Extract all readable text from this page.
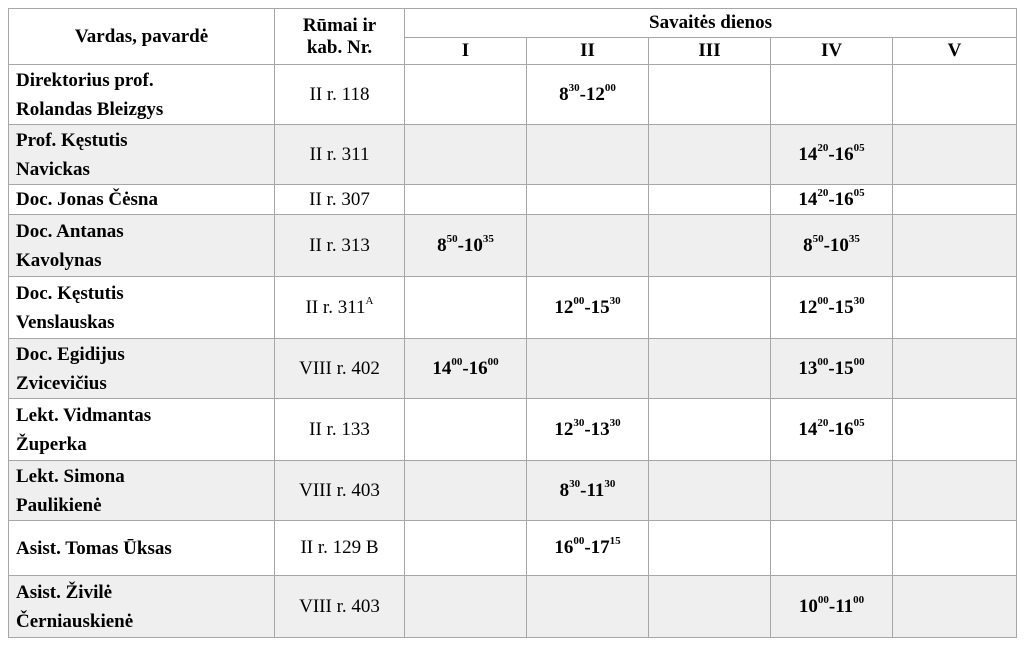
Vardas, pavardė	Rūmai ir
kab. Nr.	Savaitės dienos				
		I	II	III	IV	V

Direktorius prof.
Rolandas Bleizgys	II r. 118		$8^{30}-12^{00}$			

Prof. Kęstutis
Navickas	II r. 311				$14^{20}-16^{05}$	

Doc. Jonas Čėsna	II r. 307				$14^{20}-16^{05}$	

Doc. Antanas
Kavolynas	II r. 313	$8^{50}-10^{35}$			$8^{50}-10^{35}$	

Doc. Kęstutis
Venslauskas	II r. $311^A$		$12^{00}-15^{30}$		$12^{00}-15^{30}$	

Doc. Egidijus
Zvicevičius	VIII r. 402	$14^{00}-16^{00}$			$13^{00}-15^{00}$	

Lekt. Vidmantas
Župerka	II r. 133		$12^{30}-13^{30}$		$14^{20}-16^{05}$	

Lekt. Simona
Paulikienė	VIII r. 403		$8^{30}-11^{30}$			

Asist. Tomas Ūksas	II r. 129 B		$16^{00}-17^{15}$			

Asist. Živilė
Černiauskienė	VIII r. 403				$10^{00}-11^{00}$	
